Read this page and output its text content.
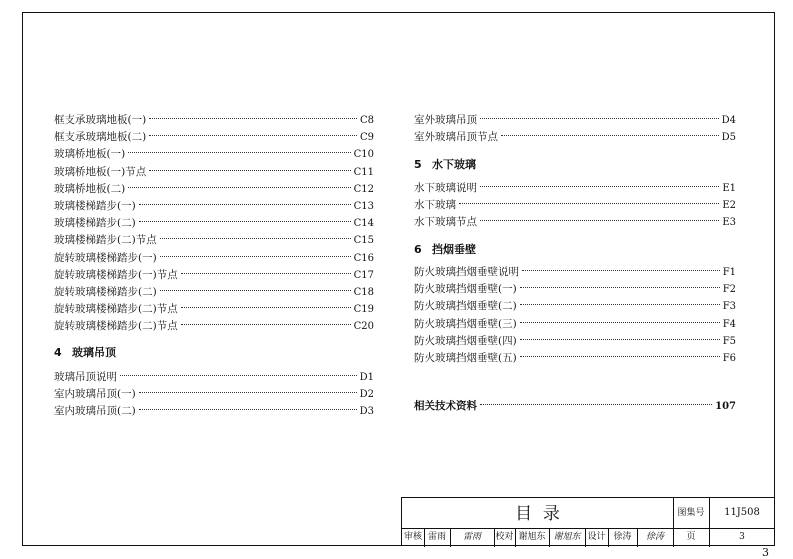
框支承玻璃地板(一)	C8
框支承玻璃地板(二)	C9
玻璃桥地板(一)	C10
玻璃桥地板(一)节点	C11
玻璃桥地板(二)	C12
玻璃楼梯踏步(一)	C13
玻璃楼梯踏步(二)	C14
玻璃楼梯踏步(二)节点	C15
旋转玻璃楼梯踏步(一)	C16
旋转玻璃楼梯踏步(一)节点	C17
旋转玻璃楼梯踏步(二)	C18
旋转玻璃楼梯踏步(二)节点	C19
旋转玻璃楼梯踏步(二)节点	C20
4 玻璃吊顶
玻璃吊顶说明	D1
室内玻璃吊顶(一)	D2
室内玻璃吊顶(二)	D3
室外玻璃吊顶	D4
室外玻璃吊顶节点	D5
5 水下玻璃
水下玻璃说明	E1
水下玻璃	E2
水下玻璃节点	E3
6 挡烟垂壁
防火玻璃挡烟垂壁说明	F1
防火玻璃挡烟垂壁(一)	F2
防火玻璃挡烟垂壁(二)	F3
防火玻璃挡烟垂壁(三)	F4
防火玻璃挡烟垂壁(四)	F5
防火玻璃挡烟垂壁(五)	F6
相关技术资料	107
目  录	图集号	11J508
审核 雷雨	雷雨	校对 谢旭东 谢旭东 设计 徐涛	徐涛	页	3
3
